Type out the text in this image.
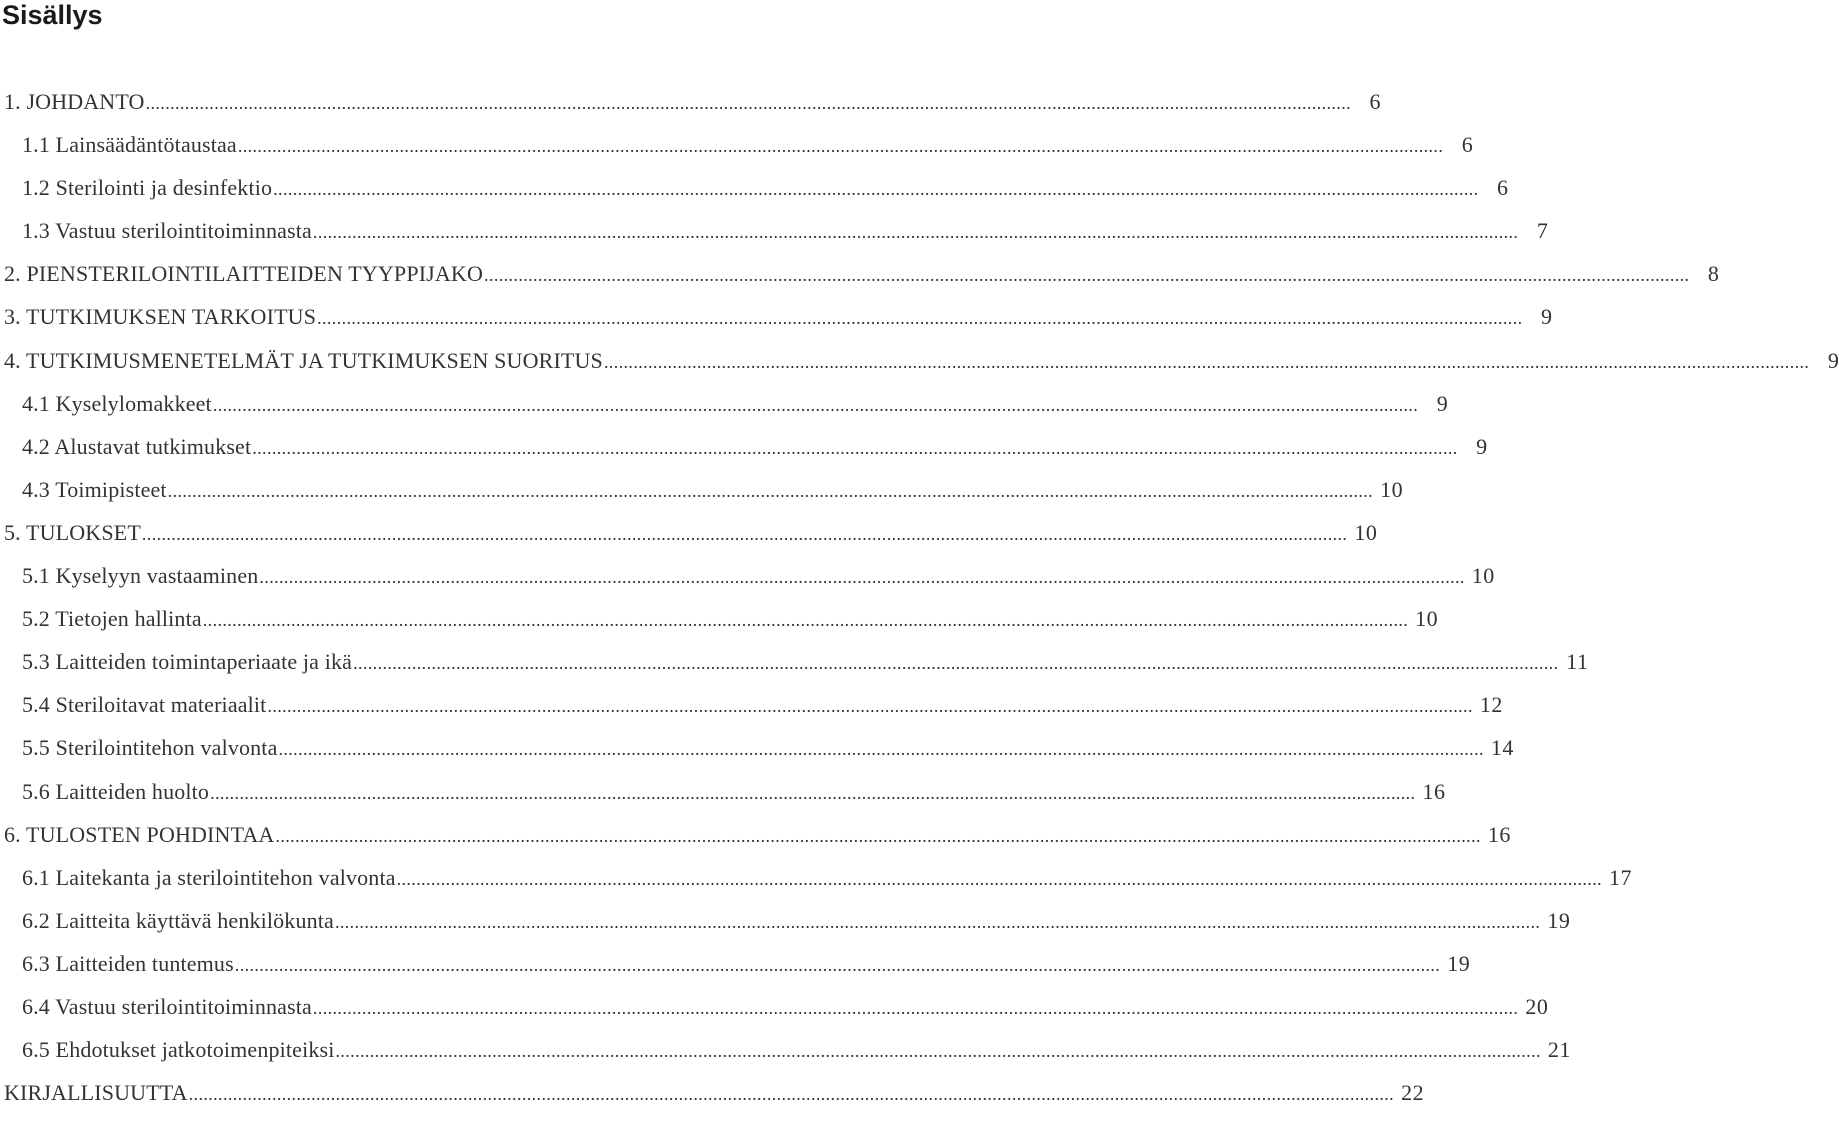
Sisällys
1. JOHDANTO .....	6
1.1 Lainsäädäntötaustaa .....	6
1.2 Sterilointi ja desinfektio .....	6
1.3 Vastuu sterilointitoiminnasta .....	7
2. PIENSTERILOINTILAITTEIDEN TYYPPIJAKO .....	8
3. TUTKIMUKSEN TARKOITUS .....	9
4. TUTKIMUSMENETELMÄT JA TUTKIMUKSEN SUORITUS .....	9
4.1 Kyselylomakkeet .....	9
4.2 Alustavat tutkimukset .....	9
4.3 Toimipisteet .....	10
5. TULOKSET .....	10
5.1 Kyselyyn vastaaminen .....	10
5.2 Tietojen hallinta .....	10
5.3 Laitteiden toimintaperiaate ja ikä .....	11
5.4 Steriloitavat materiaalit .....	12
5.5 Sterilointitehon valvonta .....	14
5.6 Laitteiden huolto .....	16
6. TULOSTEN POHDINTAA .....	16
6.1 Laitekanta ja sterilointitehon valvonta .....	17
6.2 Laitteita käyttävä henkilökunta .....	19
6.3 Laitteiden tuntemus .....	19
6.4 Vastuu sterilointitoiminnasta .....	20
6.5 Ehdotukset jatkotoimenpiteiksi .....	21
KIRJALLISUUTTA .....	22
